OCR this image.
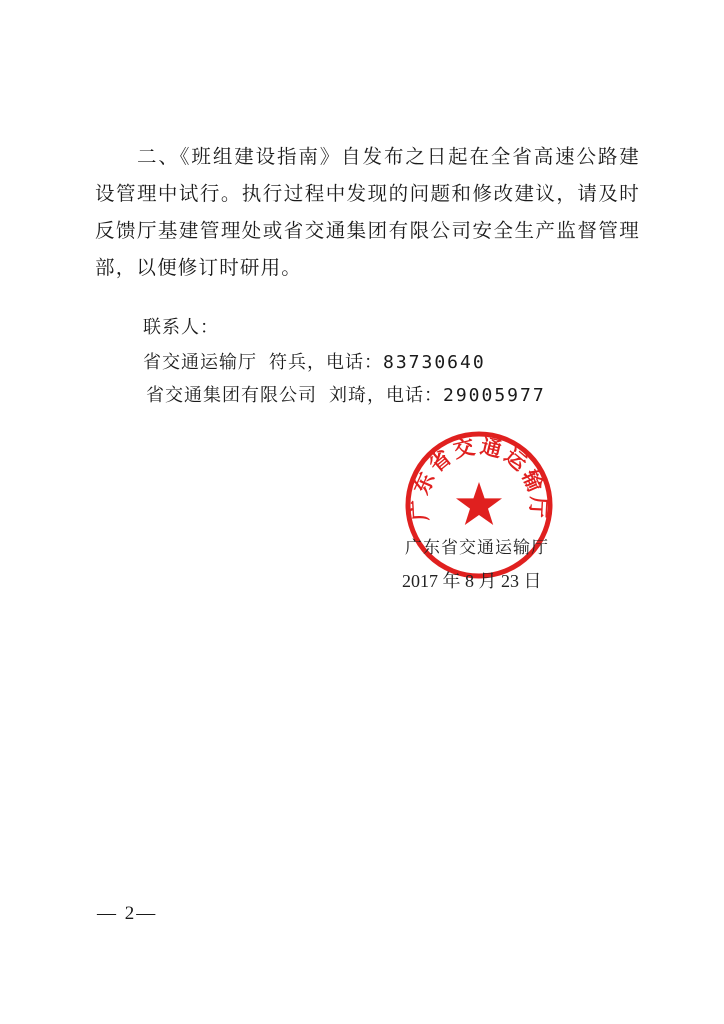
二、《班组建设指南》自发布之日起在全省高速公路建设管理中试行。执行过程中发现的问题和修改建议，请及时反馈厅基建管理处或省交通集团有限公司安全生产监督管理部，以便修订时研用。

联系人：
省交通运输厅 符兵，电话：83730640
省交通集团有限公司 刘琦，电话：29005977
广东省交通运输厅
广东省交通运输厅
2017 年 8 月 23 日
— 2—
